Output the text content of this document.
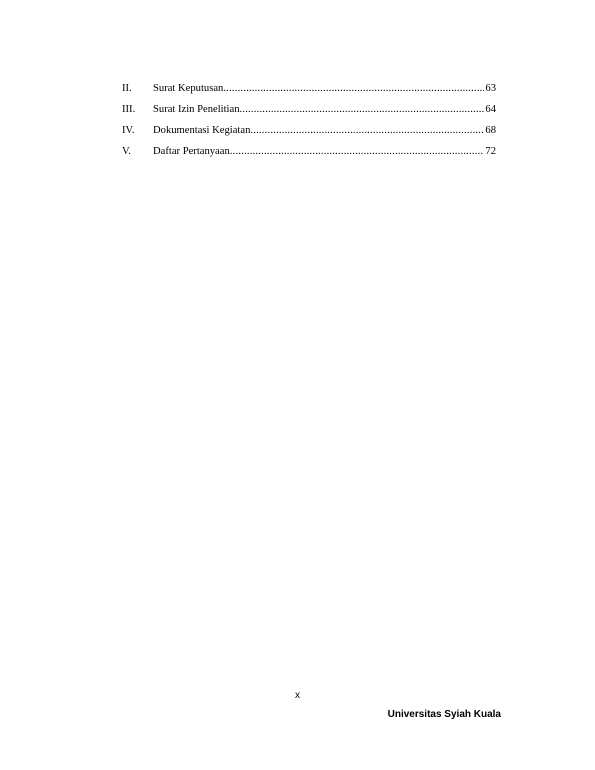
II.	Surat Keputusan .....	63
III.	Surat Izin Penelitian .....	64
IV.	Dokumentasi Kegiatan .....	68
V.	Daftar Pertanyaan .....	72
x
Universitas Syiah Kuala
